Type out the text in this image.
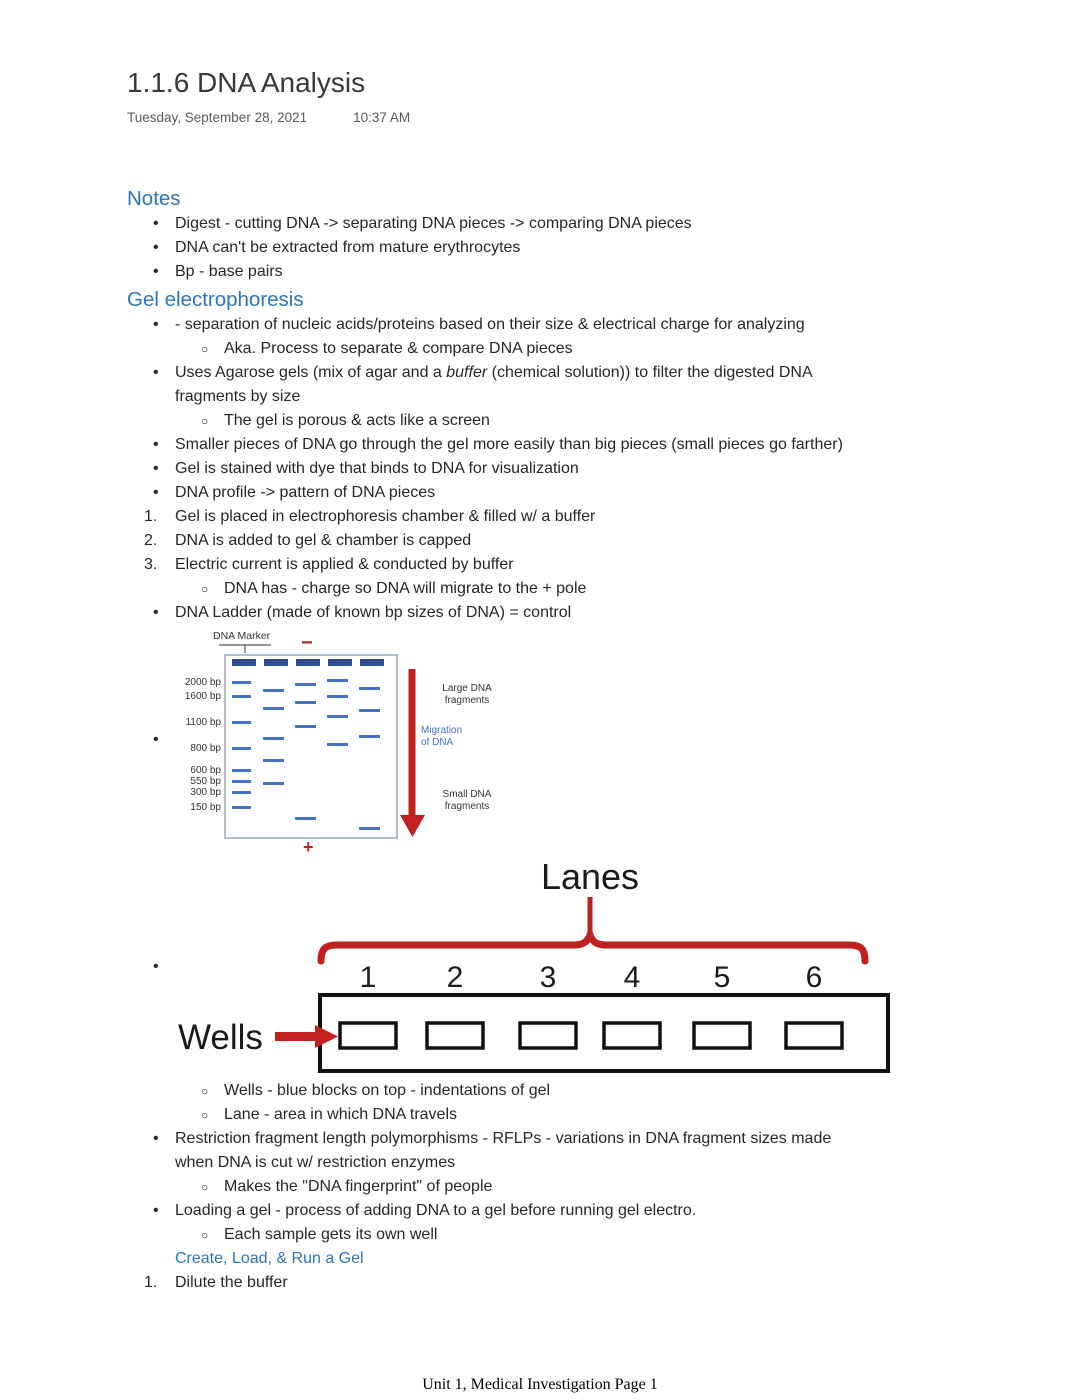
1.1.6 DNA Analysis
Tuesday, September 28, 2021	10:37 AM
Notes
•	Digest - cutting DNA -> separating DNA pieces -> comparing DNA pieces
•	DNA can't be extracted from mature erythrocytes
•	Bp - base pairs
Gel electrophoresis
•	- separation of nucleic acids/proteins based on their size & electrical charge for analyzing
○ Aka. Process to separate & compare DNA pieces
•	Uses Agarose gels (mix of agar and a buffer (chemical solution)) to filter the digested DNA fragments by size
○ The gel is porous & acts like a screen
•	Smaller pieces of DNA go through the gel more easily than big pieces (small pieces go farther)
•	Gel is stained with dye that binds to DNA for visualization
•	DNA profile -> pattern of DNA pieces
1.	Gel is placed in electrophoresis chamber & filled w/ a buffer
2.	DNA is added to gel & chamber is capped
3.	Electric current is applied & conducted by buffer
○ DNA has - charge so DNA will migrate to the + pole
•	DNA Ladder (made of known bp sizes of DNA) = control
•
DNA Marker −
2000 bp
1600 bp
1100 bp
800 bp
600 bp
550 bp
300 bp
150 bp
Large DNA
fragments
Migration
of DNA
Small DNA
fragments
+
•
Lanes
1 2	3 4 5	6
Wells
○ Wells - blue blocks on top - indentations of gel
○ Lane - area in which DNA travels
•	Restriction fragment length polymorphisms - RFLPs - variations in DNA fragment sizes made when DNA is cut w/ restriction enzymes
○ Makes the "DNA fingerprint" of people
•	Loading a gel - process of adding DNA to a gel before running gel electro.
○ Each sample gets its own well
Create, Load, & Run a Gel
1.	Dilute the buffer
Unit 1, Medical Investigation Page 1
